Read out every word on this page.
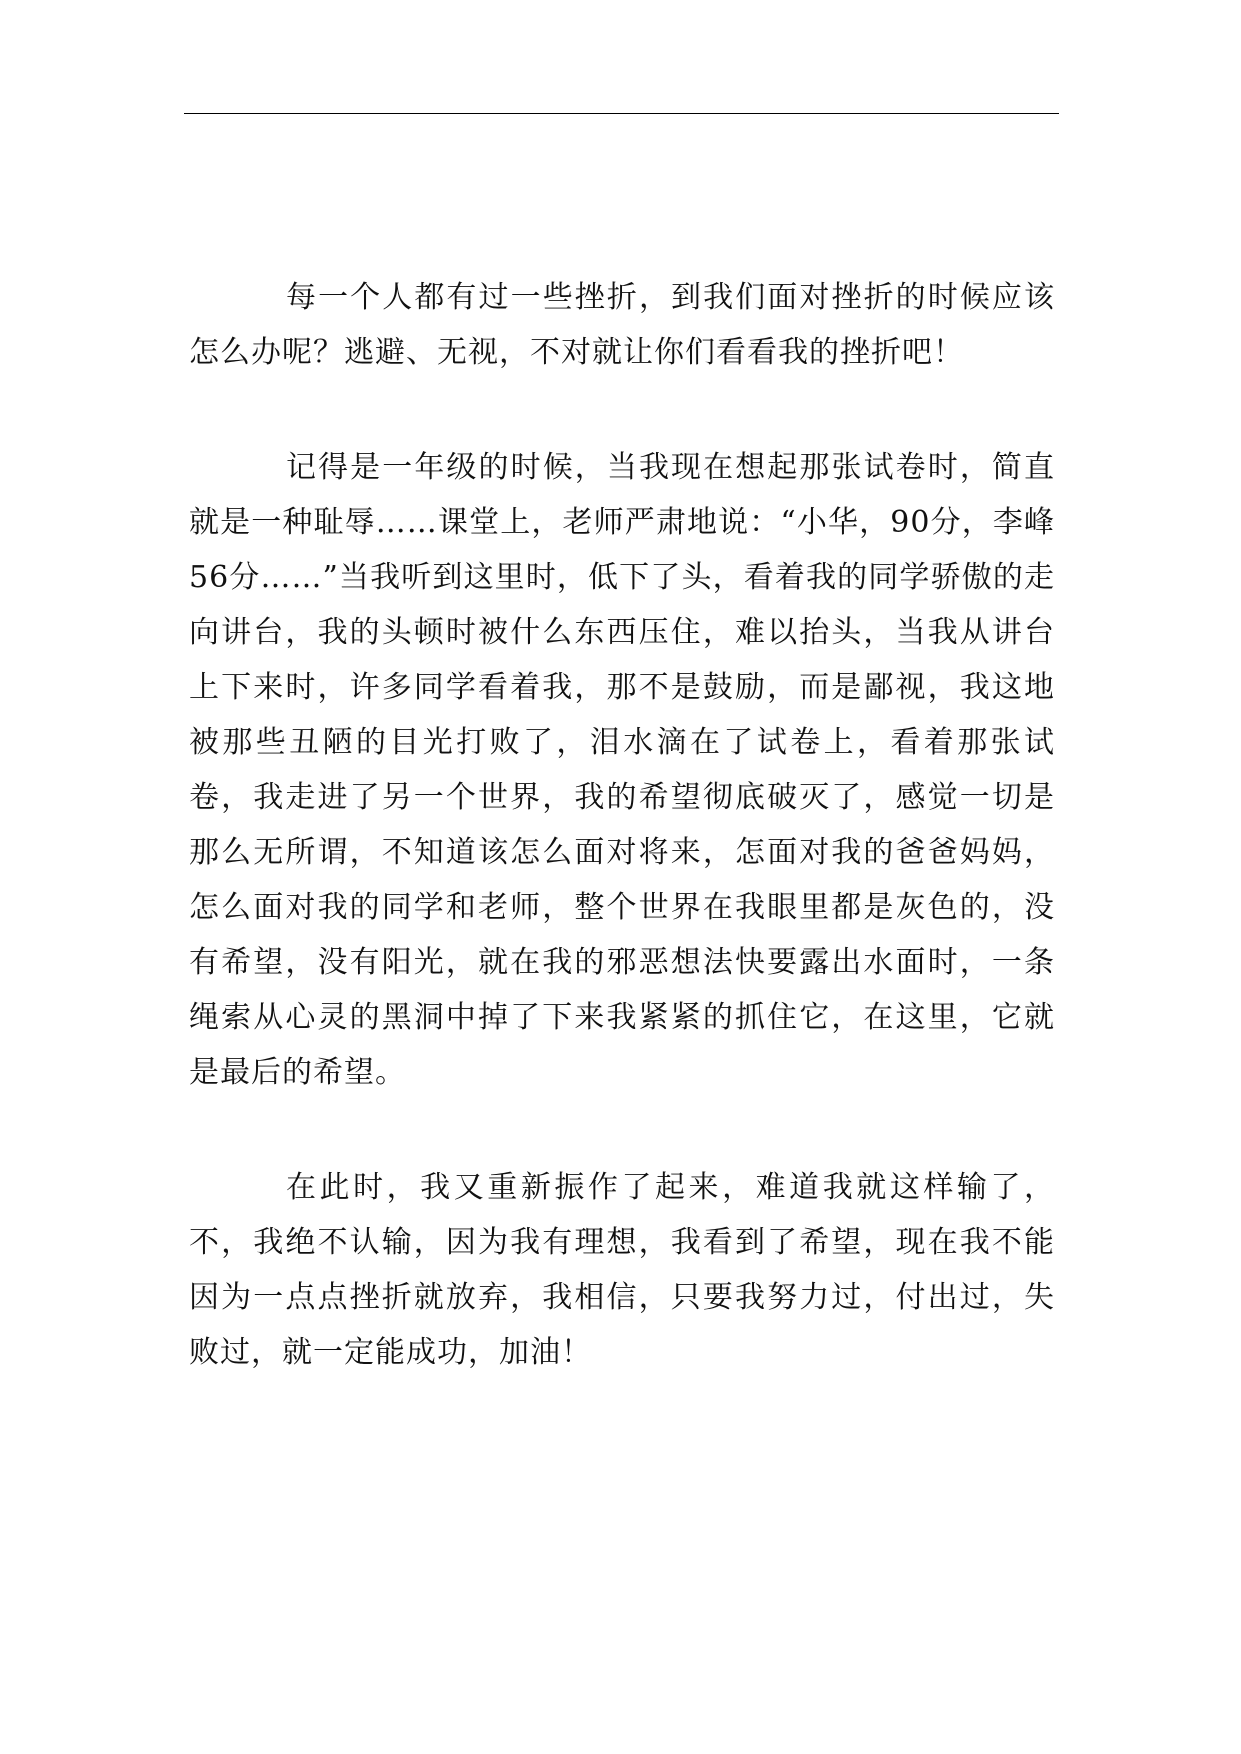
每一个人都有过一些挫折，到我们面对挫折的时候应该怎么办呢？逃避、无视，不对就让你们看看我的挫折吧！

记得是一年级的时候，当我现在想起那张试卷时，简直就是一种耻辱……课堂上，老师严肃地说：“小华，90分，李峰56分……”当我听到这里时，低下了头，看着我的同学骄傲的走向讲台，我的头顿时被什么东西压住，难以抬头，当我从讲台上下来时，许多同学看着我，那不是鼓励，而是鄙视，我这地被那些丑陋的目光打败了，泪水滴在了试卷上，看着那张试卷，我走进了另一个世界，我的希望彻底破灭了，感觉一切是那么无所谓，不知道该怎么面对将来，怎面对我的爸爸妈妈，怎么面对我的同学和老师，整个世界在我眼里都是灰色的，没有希望，没有阳光，就在我的邪恶想法快要露出水面时，一条绳索从心灵的黑洞中掉了下来我紧紧的抓住它，在这里，它就是最后的希望。

在此时，我又重新振作了起来，难道我就这样输了，不，我绝不认输，因为我有理想，我看到了希望，现在我不能因为一点点挫折就放弃，我相信，只要我努力过，付出过，失败过，就一定能成功，加油！
